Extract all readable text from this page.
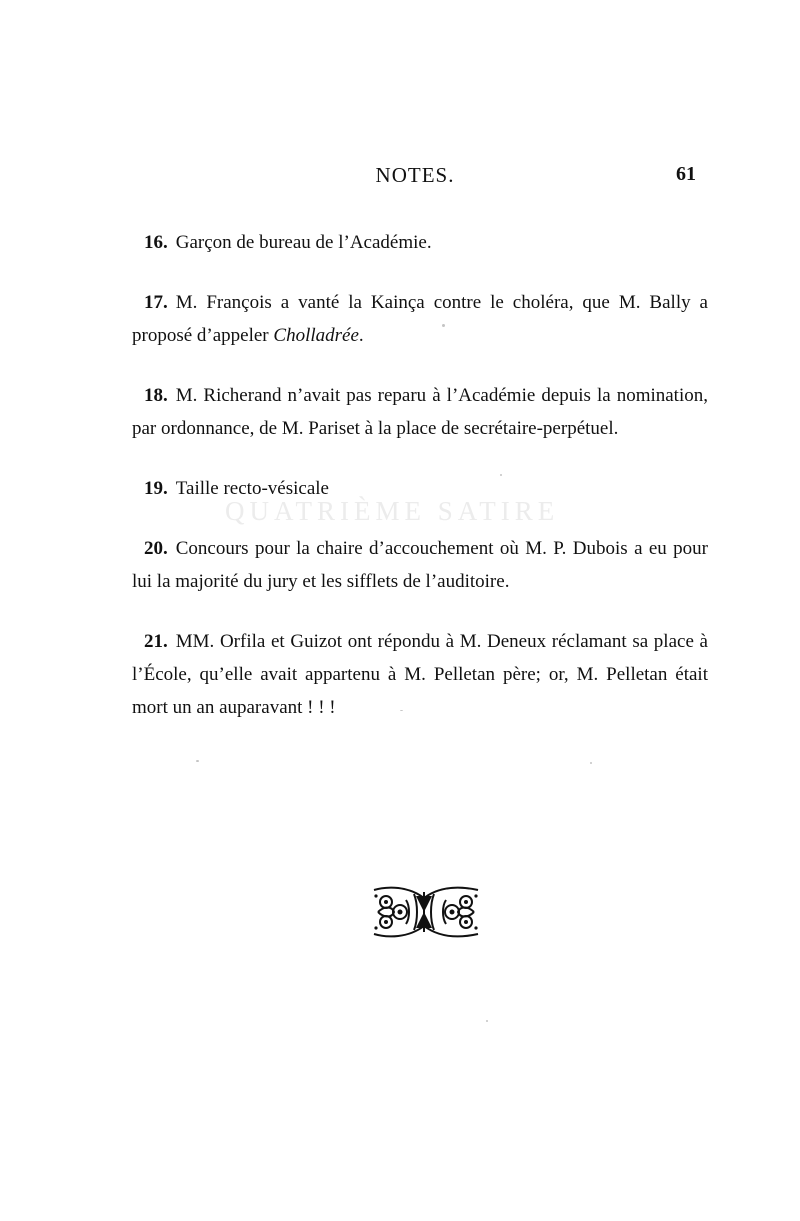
QUATRIÈME SATIRE
NOTES.	61

16. Garçon de bureau de l’Académie.

17. M. François a vanté la Kainça contre le choléra, que M. Bally a proposé d’appeler Cholladrée.

18. M. Richerand n’avait pas reparu à l’Académie depuis la nomination, par ordonnance, de M. Pariset à la place de secrétaire-perpétuel.

19. Taille recto-vésicale

20. Concours pour la chaire d’accouchement où M. P. Dubois a eu pour lui la majorité du jury et les sifflets de l’auditoire.

21. MM. Orfila et Guizot ont répondu à M. Deneux réclamant sa place à l’École, qu’elle avait appartenu à M. Pelletan père; or, M. Pelletan était mort un an auparavant ! ! !
